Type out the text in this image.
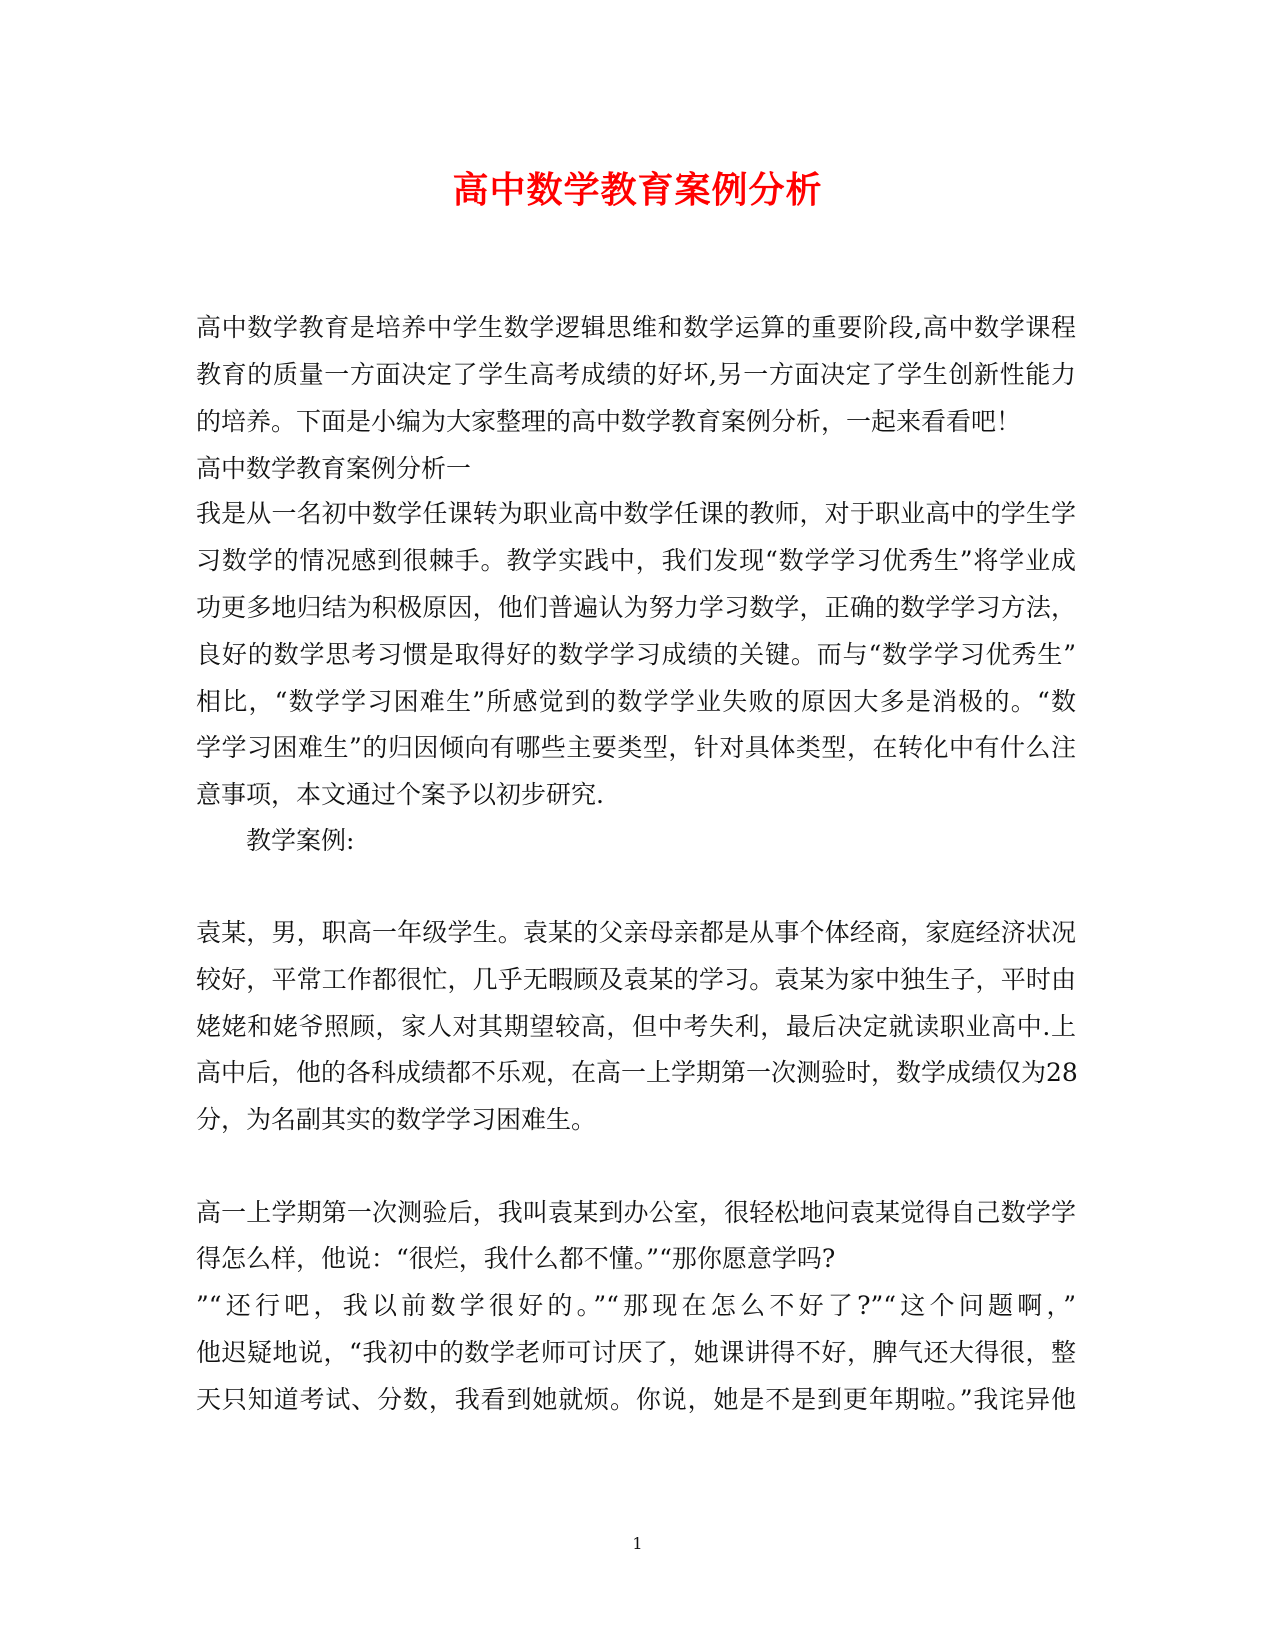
高中数学教育案例分析

高中数学教育是培养中学生数学逻辑思维和数学运算的重要阶段,高中数学课程

教育的质量一方面决定了学生高考成绩的好坏,另一方面决定了学生创新性能力

的培养。下面是小编为大家整理的高中数学教育案例分析，一起来看看吧！

高中数学教育案例分析一

我是从一名初中数学任课转为职业高中数学任课的教师，对于职业高中的学生学

习数学的情况感到很棘手。教学实践中，我们发现“数学学习优秀生”将学业成

功更多地归结为积极原因，他们普遍认为努力学习数学，正确的数学学习方法，

良好的数学思考习惯是取得好的数学学习成绩的关键。而与“数学学习优秀生”

相比，“数学学习困难生”所感觉到的数学学业失败的原因大多是消极的。“数

学学习困难生”的归因倾向有哪些主要类型，针对具体类型，在转化中有什么注

意事项，本文通过个案予以初步研究.

教学案例:

袁某，男，职高一年级学生。袁某的父亲母亲都是从事个体经商，家庭经济状况

较好，平常工作都很忙，几乎无暇顾及袁某的学习。袁某为家中独生子，平时由

姥姥和姥爷照顾，家人对其期望较高，但中考失利，最后决定就读职业高中.上

高中后，他的各科成绩都不乐观，在高一上学期第一次测验时，数学成绩仅为28

分，为名副其实的数学学习困难生。

高一上学期第一次测验后，我叫袁某到办公室，很轻松地问袁某觉得自己数学学

得怎么样，他说：“很烂，我什么都不懂。”“那你愿意学吗?

”“还行吧，我以前数学很好的。”“那现在怎么不好了?”“这个问题啊，”

他迟疑地说，“我初中的数学老师可讨厌了，她课讲得不好，脾气还大得很，整

天只知道考试、分数，我看到她就烦。你说，她是不是到更年期啦。”我诧异他

1
